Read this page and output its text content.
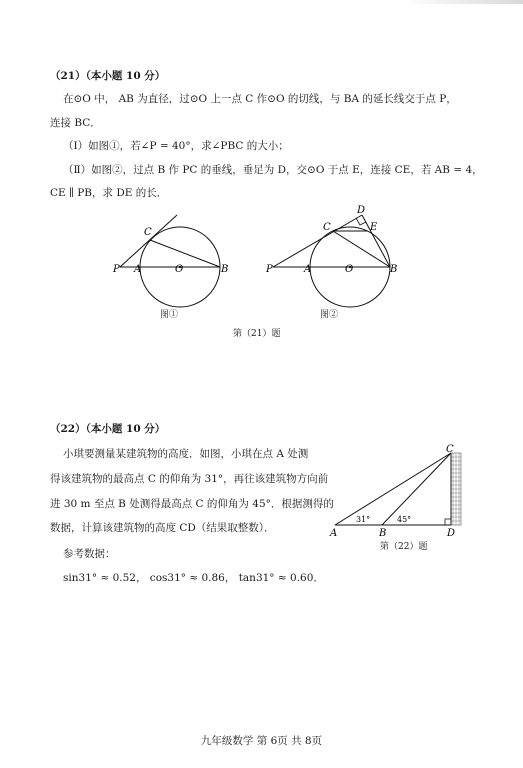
（21）（本小题 10 分）
在⊙O 中， AB 为直径，过⊙O 上一点 C 作⊙O 的切线，与 BA 的延长线交于点 P，
连接 BC．
（Ⅰ）如图①，若∠P = 40°，求∠PBC 的大小；
（Ⅱ）如图②，过点 B 作 PC 的垂线，垂足为 D，交⊙O 于点 E，连接 CE，若 AB = 4，
CE ∥ PB，求 DE 的长．
P A	O	B
C
图①
P	A	O	B
C
D
E
图②
第（21）题
（22）（本小题 10 分）
小琪要测量某建筑物的高度．如图，小琪在点 A 处测
得该建筑物的最高点 C 的仰角为 31°，再往该建筑物方向前
进 30 m 至点 B 处测得最高点 C 的仰角为 45°．根据测得的
数据，计算该建筑物的高度 CD（结果取整数）．
参考数据：
sin31° ≈ 0.52， cos31° ≈ 0.86， tan31° ≈ 0.60．
A	B
C
D
31°	45°
第（22）题
九年级数学 第 6页 共 8页
